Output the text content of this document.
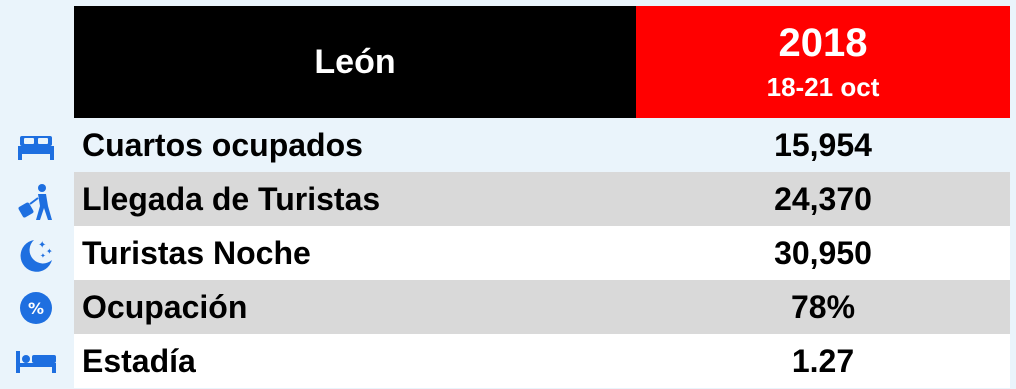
León	2018
18-21 oct
Cuartos ocupados	15,954
Llegada de Turistas	24,370
Turistas Noche	30,950
Ocupación	78%
Estadía	1.27
✦
✦
✦
%
